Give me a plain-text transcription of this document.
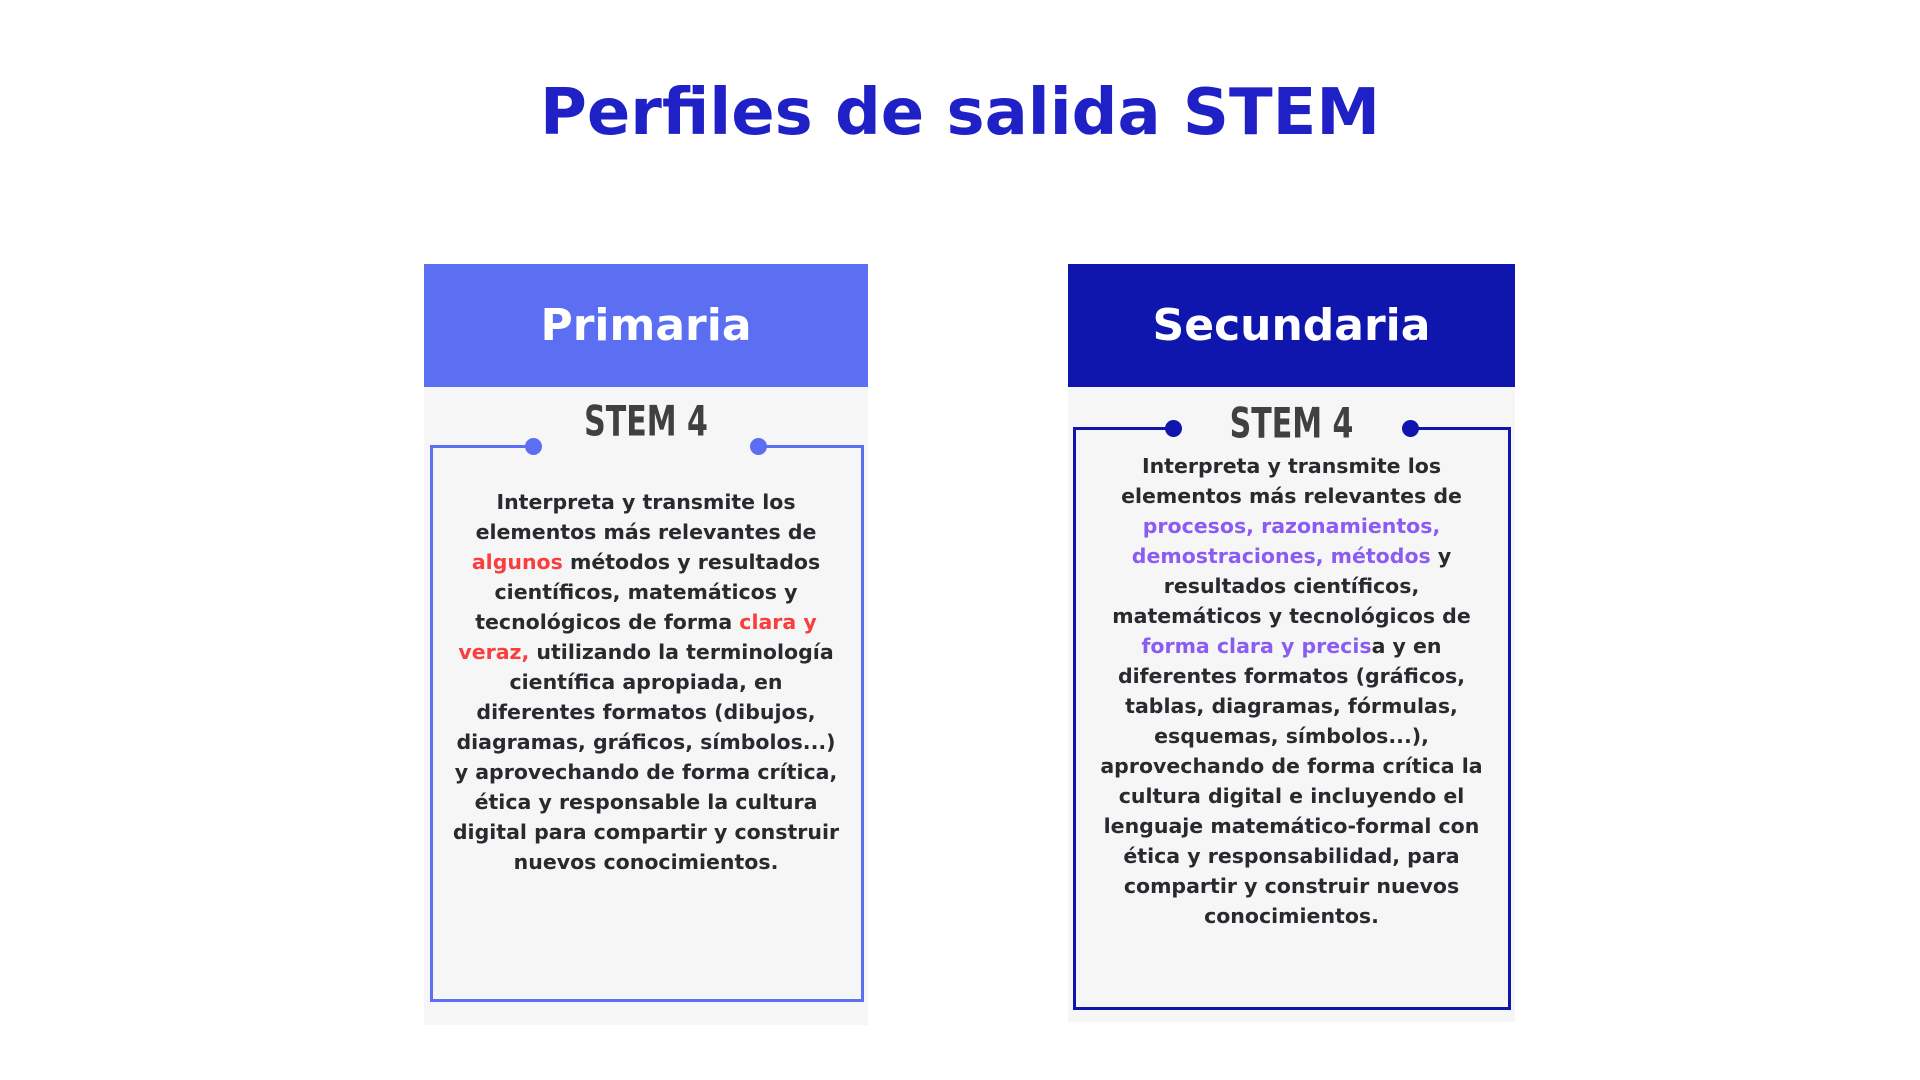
Perfiles de salida STEM
Primaria
STEM 4

Interpreta y transmite los elementos más relevantes de algunos métodos y resultados científicos, matemáticos y tecnológicos de forma clara y veraz, utilizando la terminología científica apropiada, en diferentes formatos (dibujos, diagramas, gráficos, símbolos...) y aprovechando de forma crítica, ética y responsable la cultura digital para compartir y construir nuevos conocimientos.

Secundaria
STEM 4

Interpreta y transmite los elementos más relevantes de procesos, razonamientos, demostraciones, métodos y resultados científicos, matemáticos y tecnológicos de forma clara y precisa y en diferentes formatos (gráficos, tablas, diagramas, fórmulas, esquemas, símbolos...), aprovechando de forma crítica la cultura digital e incluyendo el lenguaje matemático-formal con ética y responsabilidad, para compartir y construir nuevos conocimientos.
